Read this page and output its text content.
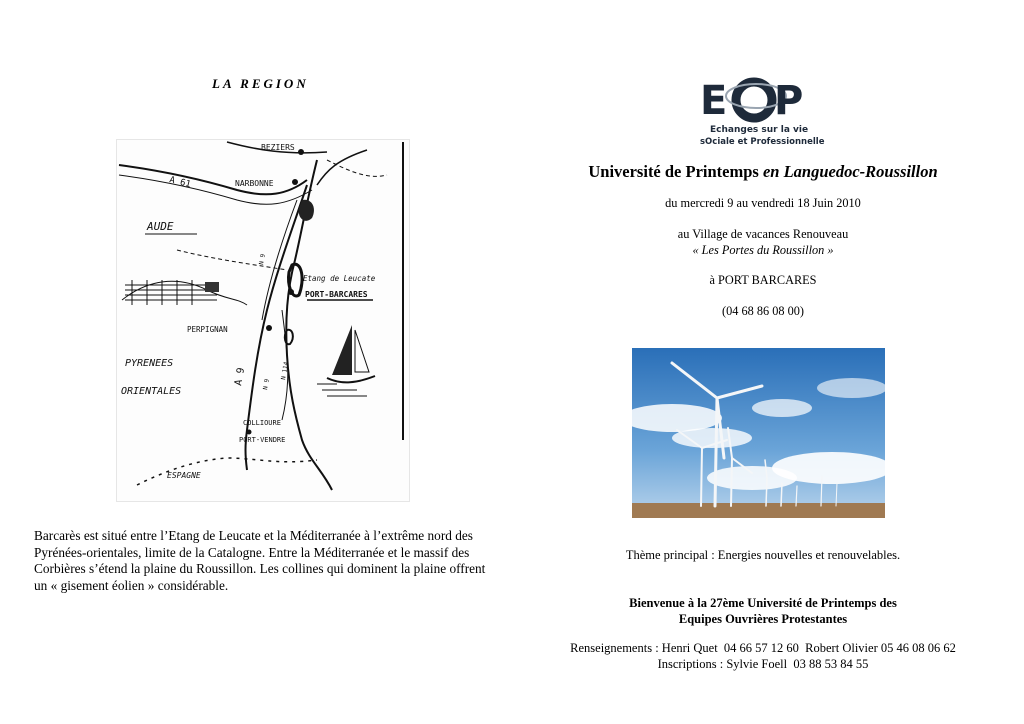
LA REGION
BEZIERS
A 61	NARBONNE
AUDE
N 9
Etang de Leucate
PORT-BARCARES
PERPIGNAN
PYRENEES
ORIENTALES
A 9 N 9
N 114
COLLIOURE
PORT-VENDRE
ESPAGNE
Barcarès est situé entre l’Etang de Leucate et la Méditerranée à l’extrême nord des
Pyrénées-orientales, limite de la Catalogne. Entre la Méditerranée et le massif des
Corbières s’étend la plaine du Roussillon. Les collines qui dominent la plaine offrent
un « gisement éolien » considérable.
E P
Echanges sur la vie
sOciale et Professionnelle
Université de Printemps en Languedoc-Roussillon
du mercredi 9 au vendredi 18 Juin 2010
au Village de vacances Renouveau
« Les Portes du Roussillon »
à PORT BARCARES
(04 68 86 08 00)
Thème principal : Energies nouvelles et renouvelables.
Bienvenue à la 27ème Université de Printemps des
Equipes Ouvrières Protestantes
Renseignements : Henri Quet  04 66 57 12 60  Robert Olivier 05 46 08 06 62
Inscriptions : Sylvie Foell  03 88 53 84 55
